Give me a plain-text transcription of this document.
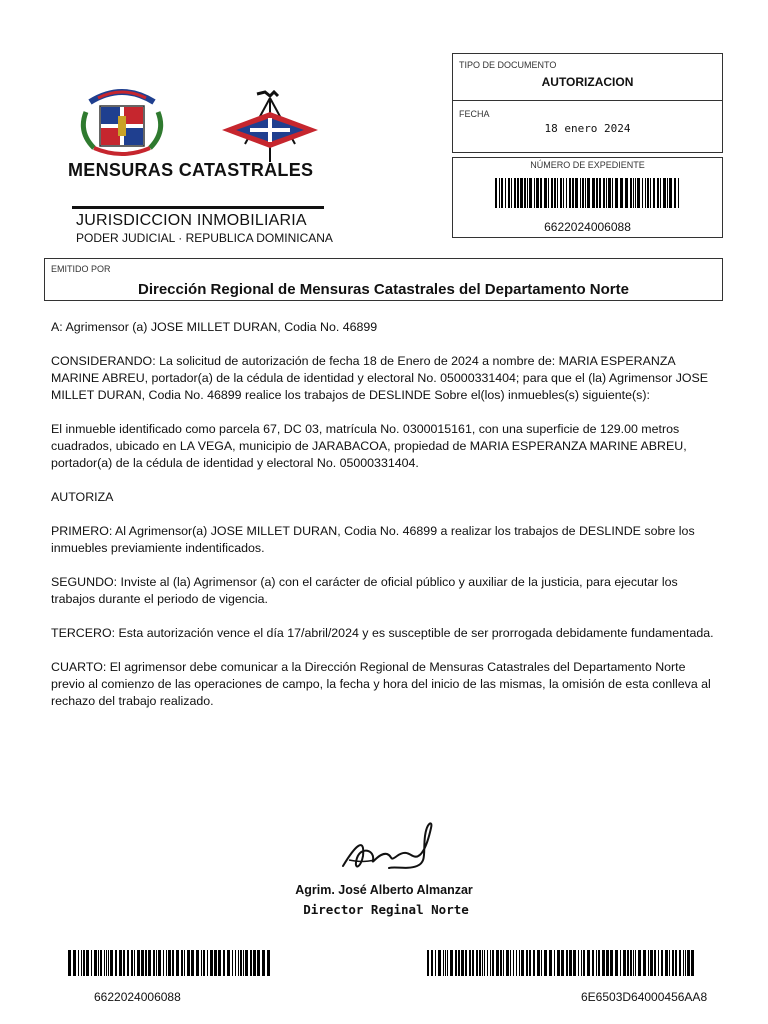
MENSURAS CATASTRALES
JURISDICCION INMOBILIARIA
PODER JUDICIAL · REPUBLICA DOMINICANA
TIPO DE DOCUMENTO
AUTORIZACION
FECHA
18 enero 2024
NÚMERO DE EXPEDIENTE
6622024006088
EMITIDO POR
Dirección Regional de Mensuras Catastrales del Departamento Norte

A: Agrimensor (a) JOSE MILLET DURAN, Codia No. 46899

CONSIDERANDO: La solicitud de autorización de fecha 18 de Enero de 2024 a nombre de: MARIA ESPERANZA MARINE ABREU, portador(a) de la cédula de identidad y electoral No. 05000331404; para que el (la) Agrimensor JOSE MILLET DURAN, Codia No. 46899 realice los trabajos de DESLINDE Sobre el(los) inmuebles(s) siguiente(s):

El inmueble identificado como parcela 67, DC 03, matrícula No. 0300015161, con una superficie de 129.00 metros cuadrados, ubicado en LA VEGA, municipio de JARABACOA, propiedad de MARIA ESPERANZA MARINE ABREU, portador(a) de la cédula de identidad y electoral No. 05000331404.

AUTORIZA

PRIMERO: Al Agrimensor(a) JOSE MILLET DURAN, Codia No. 46899 a realizar los trabajos de DESLINDE sobre los inmuebles previamiente indentificados.

SEGUNDO: Inviste al (la) Agrimensor (a) con el carácter de oficial público y auxiliar de la justicia, para ejecutar los trabajos durante el periodo de vigencia.

TERCERO: Esta autorización vence el día 17/abril/2024 y es susceptible de ser prorrogada debidamente fundamentada.

CUARTO: El agrimensor debe comunicar a la Dirección Regional de Mensuras Catastrales del Departamento Norte previo al comienzo de las operaciones de campo, la fecha y hora del inicio de las mismas, la omisión de esta conlleva al rechazo del trabajo realizado.

Agrim. José Alberto Almanzar
Director Reginal Norte
6622024006088	6E6503D64000456AA8
